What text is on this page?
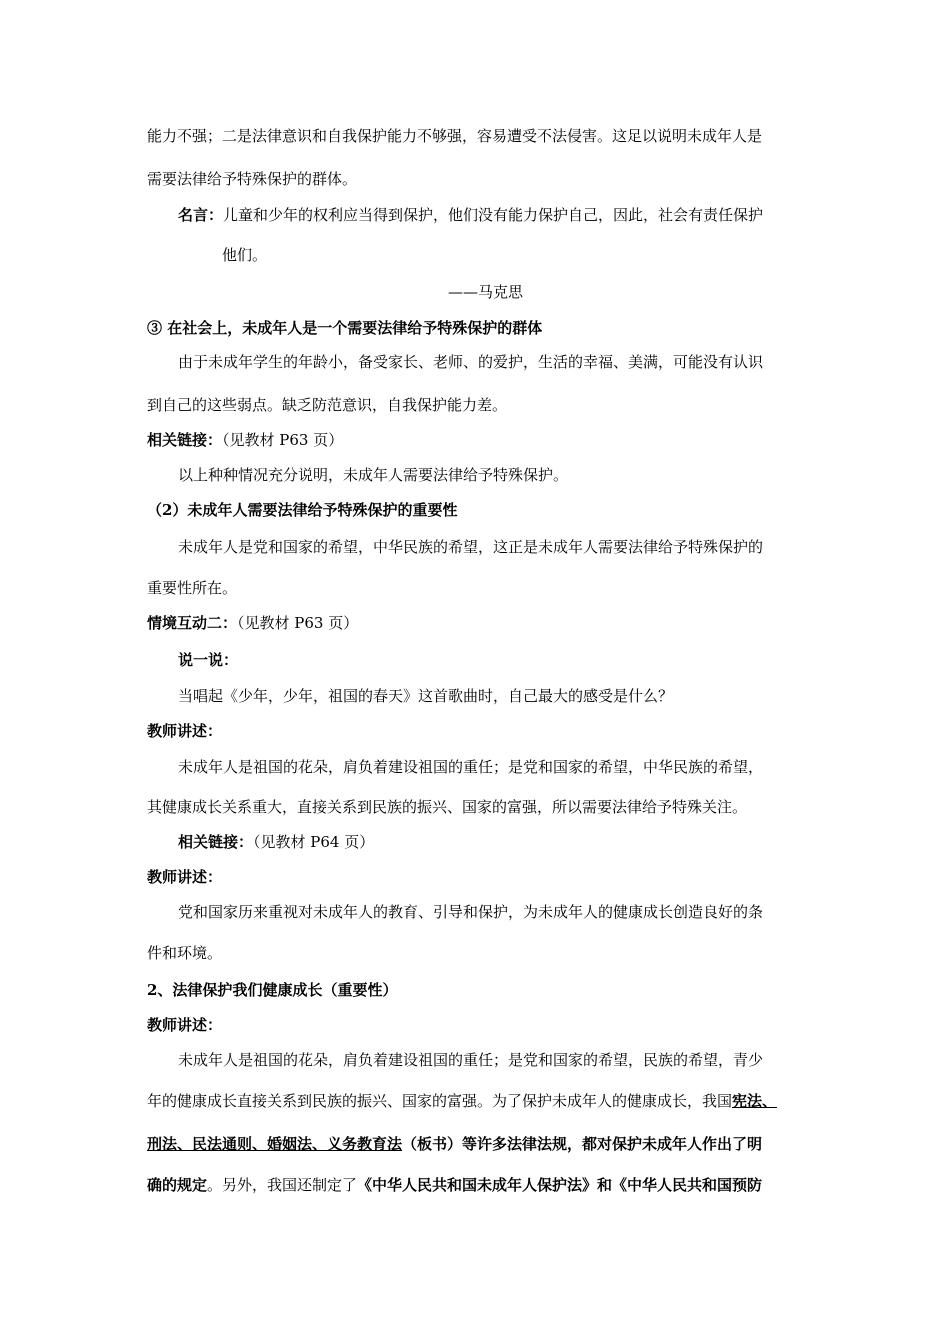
能力不强；二是法律意识和自我保护能力不够强，容易遭受不法侵害。这足以说明未成年人是
需要法律给予特殊保护的群体。
名言：儿童和少年的权利应当得到保护，他们没有能力保护自己，因此，社会有责任保护
他们。
——马克思
③ 在社会上，未成年人是一个需要法律给予特殊保护的群体
由于未成年学生的年龄小，备受家长、老师、的爱护，生活的幸福、美满，可能没有认识
到自己的这些弱点。缺乏防范意识，自我保护能力差。
相关链接：（见教材 P63 页）
以上种种情况充分说明，未成年人需要法律给予特殊保护。
（2）未成年人需要法律给予特殊保护的重要性
未成年人是党和国家的希望，中华民族的希望，这正是未成年人需要法律给予特殊保护的
重要性所在。
情境互动二：（见教材 P63 页）
说一说：
当唱起《少年，少年，祖国的春天》这首歌曲时，自己最大的感受是什么？
教师讲述：
未成年人是祖国的花朵，肩负着建设祖国的重任；是党和国家的希望，中华民族的希望，
其健康成长关系重大，直接关系到民族的振兴、国家的富强，所以需要法律给予特殊关注。
相关链接：（见教材 P64 页）
教师讲述：
党和国家历来重视对未成年人的教育、引导和保护，为未成年人的健康成长创造良好的条
件和环境。
2、法律保护我们健康成长（重要性）
教师讲述：
未成年人是祖国的花朵，肩负着建设祖国的重任；是党和国家的希望，民族的希望，青少
年的健康成长直接关系到民族的振兴、国家的富强。为了保护未成年人的健康成长，我国宪法、
刑法、民法通则、婚姻法、义务教育法（板书）等许多法律法规，都对保护未成年人作出了明
确的规定。另外，我国还制定了《中华人民共和国未成年人保护法》和《中华人民共和国预防
